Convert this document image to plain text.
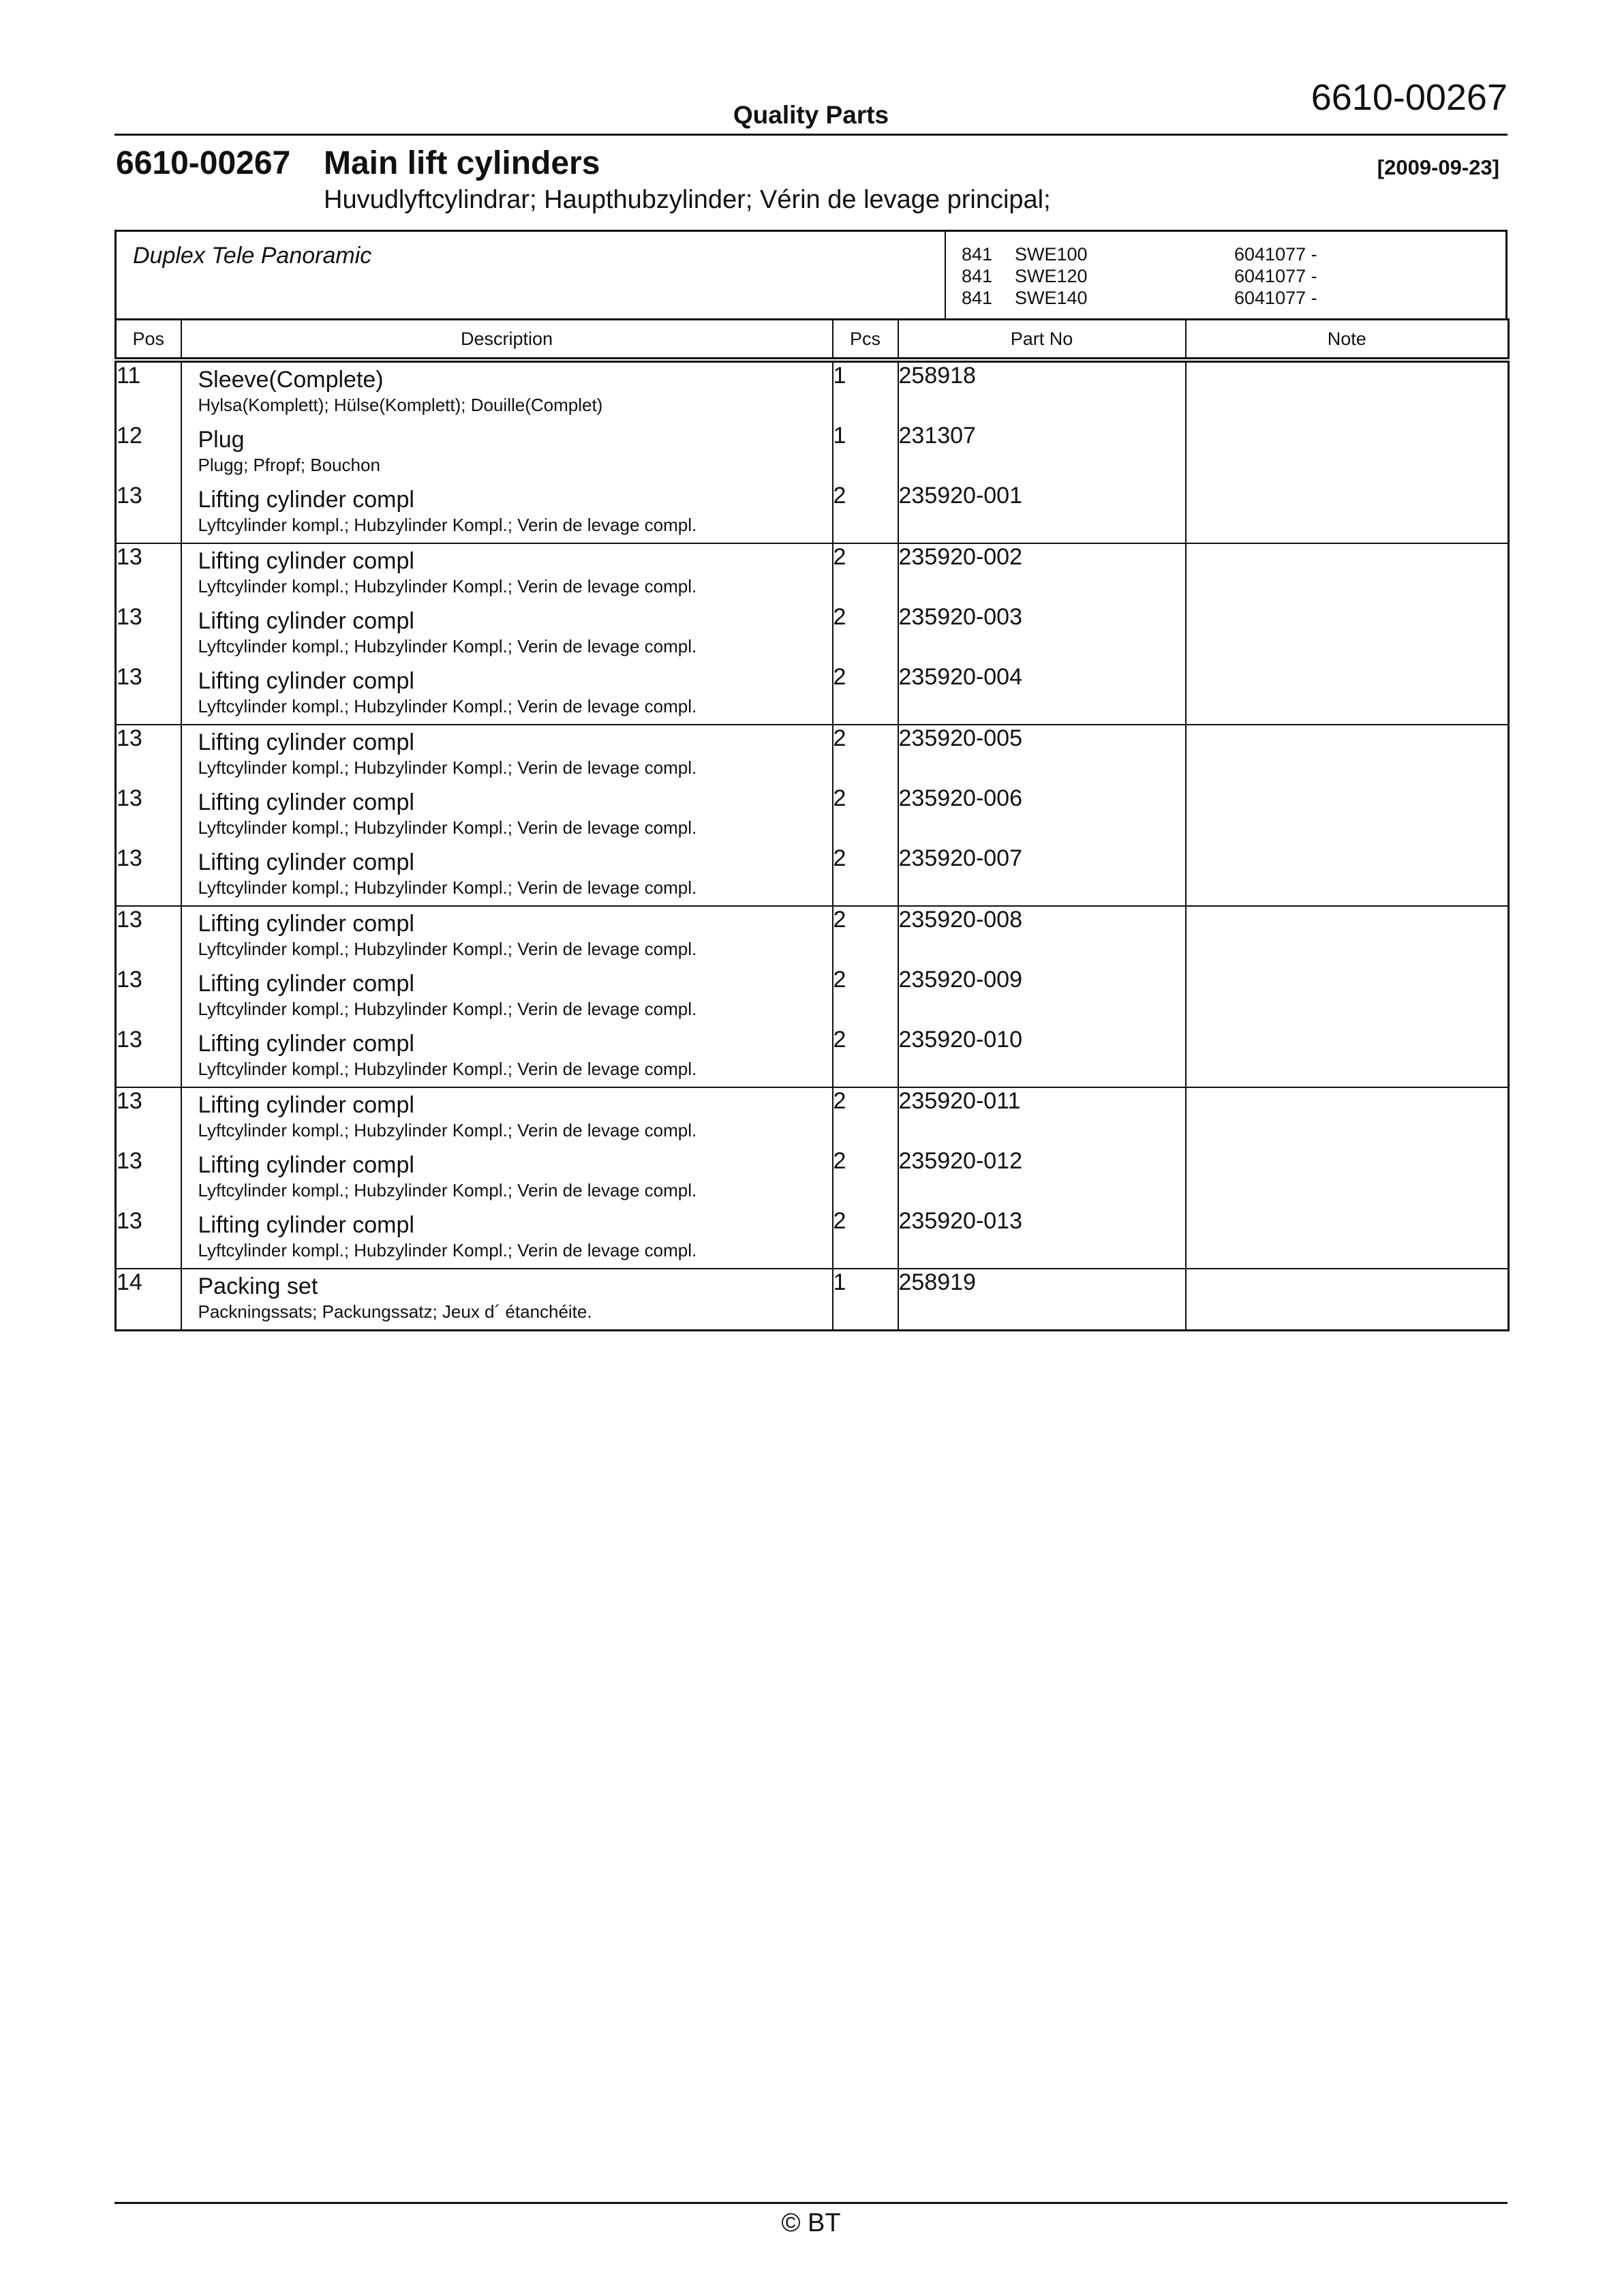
6610-00267
Quality Parts
6610-00267 Main lift cylinders	[2009-09-23]
Huvudlyftcylindrar; Haupthubzylinder; Vérin de levage principal;
Duplex Tele Panoramic	841 SWE100	6041077 -
841 SWE120	6041077 -
841 SWE140	6041077 -
Pos	Description	Pcs	Part No	Note
11	Sleeve(Complete)
Hylsa(Komplett); Hülse(Komplett); Douille(Complet)	1	258918	
12	Plug
Plugg; Pfropf; Bouchon	1	231307	
13	Lifting cylinder compl
Lyftcylinder kompl.; Hubzylinder Kompl.; Verin de levage compl.	2	235920-001	
13	Lifting cylinder compl
Lyftcylinder kompl.; Hubzylinder Kompl.; Verin de levage compl.	2	235920-002	
13	Lifting cylinder compl
Lyftcylinder kompl.; Hubzylinder Kompl.; Verin de levage compl.	2	235920-003	
13	Lifting cylinder compl
Lyftcylinder kompl.; Hubzylinder Kompl.; Verin de levage compl.	2	235920-004	
13	Lifting cylinder compl
Lyftcylinder kompl.; Hubzylinder Kompl.; Verin de levage compl.	2	235920-005	
13	Lifting cylinder compl
Lyftcylinder kompl.; Hubzylinder Kompl.; Verin de levage compl.	2	235920-006	
13	Lifting cylinder compl
Lyftcylinder kompl.; Hubzylinder Kompl.; Verin de levage compl.	2	235920-007	
13	Lifting cylinder compl
Lyftcylinder kompl.; Hubzylinder Kompl.; Verin de levage compl.	2	235920-008	
13	Lifting cylinder compl
Lyftcylinder kompl.; Hubzylinder Kompl.; Verin de levage compl.	2	235920-009	
13	Lifting cylinder compl
Lyftcylinder kompl.; Hubzylinder Kompl.; Verin de levage compl.	2	235920-010	
13	Lifting cylinder compl
Lyftcylinder kompl.; Hubzylinder Kompl.; Verin de levage compl.	2	235920-011	
13	Lifting cylinder compl
Lyftcylinder kompl.; Hubzylinder Kompl.; Verin de levage compl.	2	235920-012	
13	Lifting cylinder compl
Lyftcylinder kompl.; Hubzylinder Kompl.; Verin de levage compl.	2	235920-013	
14	Packing set
Packningssats; Packungssatz; Jeux d´ étanchéite.	1	258919	
© BT
